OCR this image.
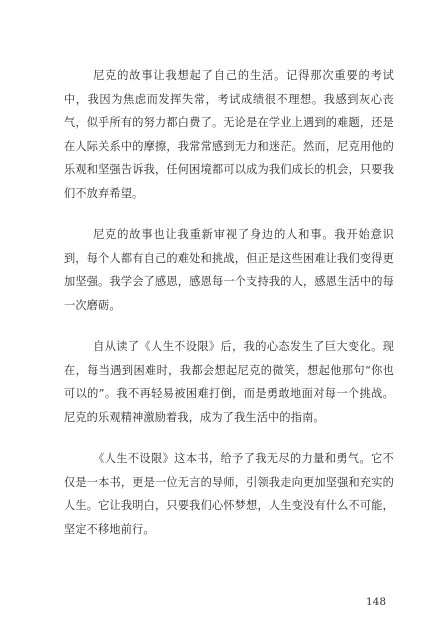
尼克的故事让我想起了自己的生活。记得那次重要的考试中，我因为焦虑而发挥失常，考试成绩很不理想。我感到灰心丧气，似乎所有的努力都白费了。无论是在学业上遇到的难题，还是在人际关系中的摩擦，我常常感到无力和迷茫。然而，尼克用他的乐观和坚强告诉我，任何困境都可以成为我们成长的机会，只要我们不放弃希望。

尼克的故事也让我重新审视了身边的人和事。我开始意识到，每个人都有自己的难处和挑战，但正是这些困难让我们变得更加坚强。我学会了感恩，感恩每一个支持我的人，感恩生活中的每一次磨砺。

自从读了《人生不设限》后，我的心态发生了巨大变化。现在，每当遇到困难时，我都会想起尼克的微笑，想起他那句“你也可以的”。我不再轻易被困难打倒，而是勇敢地面对每一个挑战。尼克的乐观精神激励着我，成为了我生活中的指南。

《人生不设限》这本书，给予了我无尽的力量和勇气。它不仅是一本书，更是一位无言的导师，引领我走向更加坚强和充实的人生。它让我明白，只要我们心怀梦想，人生变没有什么不可能，坚定不移地前行。

148
